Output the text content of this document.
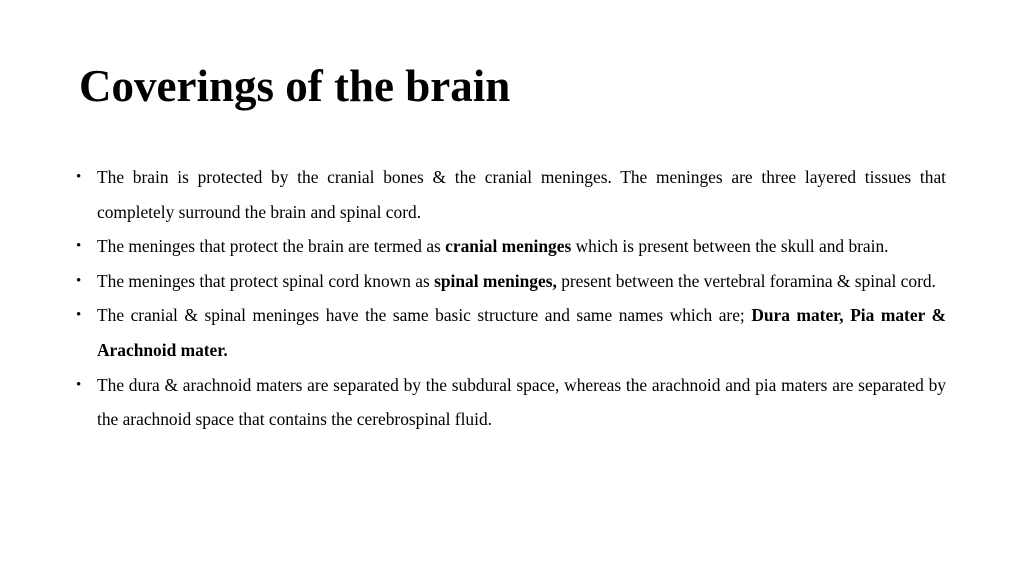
Coverings of the brain
• The brain is protected by the cranial bones & the cranial meninges. The meninges are three layered tissues that completely surround the brain and spinal cord.
• The meninges that protect the brain are termed as cranial meninges which is present between the skull and brain.
• The meninges that protect spinal cord known as spinal meninges, present between the vertebral foramina & spinal cord.
• The cranial & spinal meninges have the same basic structure and same names which are; Dura mater, Pia mater & Arachnoid mater.
• The dura & arachnoid maters are separated by the subdural space, whereas the arachnoid and pia maters are separated by the arachnoid space that contains the cerebrospinal fluid.
